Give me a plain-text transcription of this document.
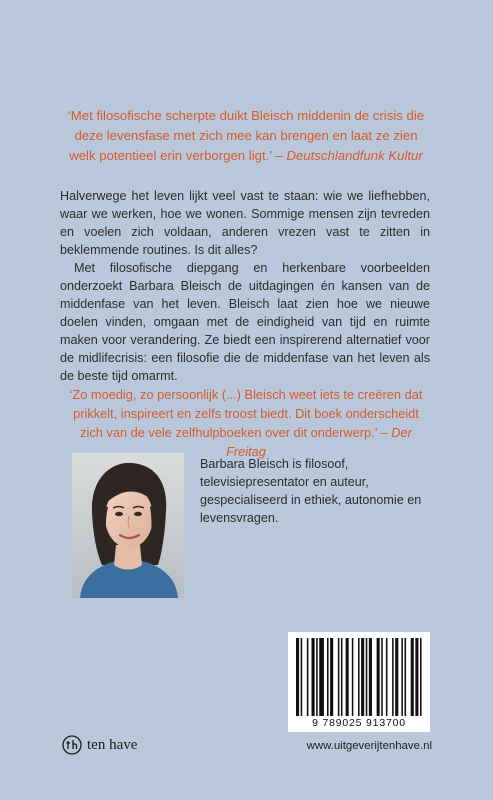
‘Met filosofische scherpte duikt Bleisch middenin de crisis die deze levensfase met zich mee kan brengen en laat ze zien welk potentieel erin verborgen ligt.’ – Deutschlandfunk Kultur

Halverwege het leven lijkt veel vast te staan: wie we liefhebben, waar we werken, hoe we wonen. Sommige mensen zijn tevreden en voelen zich voldaan, anderen vrezen vast te zitten in beklemmende routines. Is dit alles?

Met filosofische diepgang en herkenbare voorbeelden onderzoekt Barbara Bleisch de uitdagingen én kansen van de middenfase van het leven. Bleisch laat zien hoe we nieuwe doelen vinden, omgaan met de eindigheid van tijd en ruimte maken voor verandering. Ze biedt een inspirerend alternatief voor de midlifecrisis: een filosofie die de middenfase van het leven als de beste tijd omarmt.

‘Zo moedig, zo persoonlijk (...) Bleisch weet iets te creëren dat prikkelt, inspireert en zelfs troost biedt. Dit boek onderscheidt zich van de vele zelfhulpboeken over dit onderwerp.’ – Der Freitag
Barbara Bleisch is filosoof, televisiepresentator en auteur, gespecialiseerd in ethiek, autonomie en levensvragen.
9 789025 913700
ten have	www.uitgeverijtenhave.nl
